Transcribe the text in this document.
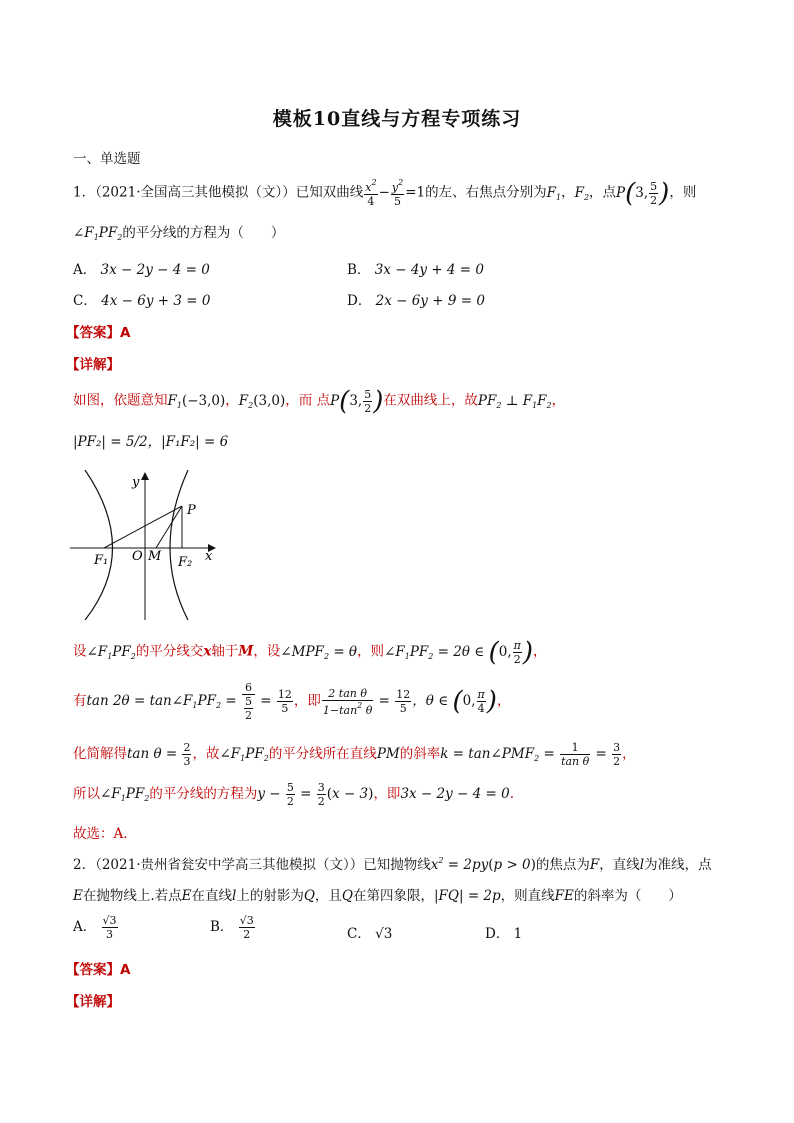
模板10直线与方程专项练习
一、单选题
1．（2021·全国高三其他模拟（文））已知双曲线 $\frac{x^2}{4} - \frac{y^2}{5} =1$的左、右焦点分别为$F_1$，$F_2$，点P(3, $\frac{5}{2}$ )，则
$\angle F_1PF_2$的平分线的方程为（　　）
A． 3x − 2y − 4 = 0	B． 3x − 4y + 4 = 0
C． 4x − 6y + 3 = 0	D． 2x − 6y + 9 = 0
【答案】A
【详解】
如图，依题意知$F_1(-3,0)$，$F_2(3,0)$，而 点P(3, $\frac{5}{2}$ )在双曲线上，故$PF_2$ ⊥ $F_1F_2$，
|PF₂| = 5/2，|F₁F₂| = 6
y
P
F₁ O M F₂ x
设$\angle F_1PF_2$的平分线交x轴于M，设$\angle MPF_2 = \theta$，则$\angle F_1PF_2 = 2\theta$ ∈ (0, $\frac{\pi}{2}$ )，
有$\tan 2\theta = \tan\angle F_1PF_2 = \frac{6}{\frac{5}{2}} = \frac{12}{5}$ ，即 $\frac{\text{2 tan θ}}{1-\tan^2 \theta} = \frac{12}{5}$ ，θ ∈ (0, $\frac{\pi}{4}$ )，
化简解得$\tan \theta = \frac{2}{3}$ ，故$\angle F_1PF_2$的平分线所在直线PM的斜率$k = \tan\angle PMF_2 = \frac{1}{\text{tan θ}} = \frac{3}{2}$ ，
所以$\angle F_1PF_2$的平分线的方程为$y - \frac{5}{2} = \frac{3}{2} (x - 3)$，即3x − 2y − 4 = 0.
故选：A．
2．（2021·贵州省瓮安中学高三其他模拟（文））已知抛物线$x^2 = 2py(p > 0)$的焦点为F，直线l为准线，点
E在抛物线上.若点E在直线l上的射影为Q，且Q在第四象限，|FQ| = 2p，则直线FE的斜率为（　　）
A． $\frac{√3}{3}$	B． $\frac{√3}{2}$	C． √3	D． 1
【答案】A
【详解】
